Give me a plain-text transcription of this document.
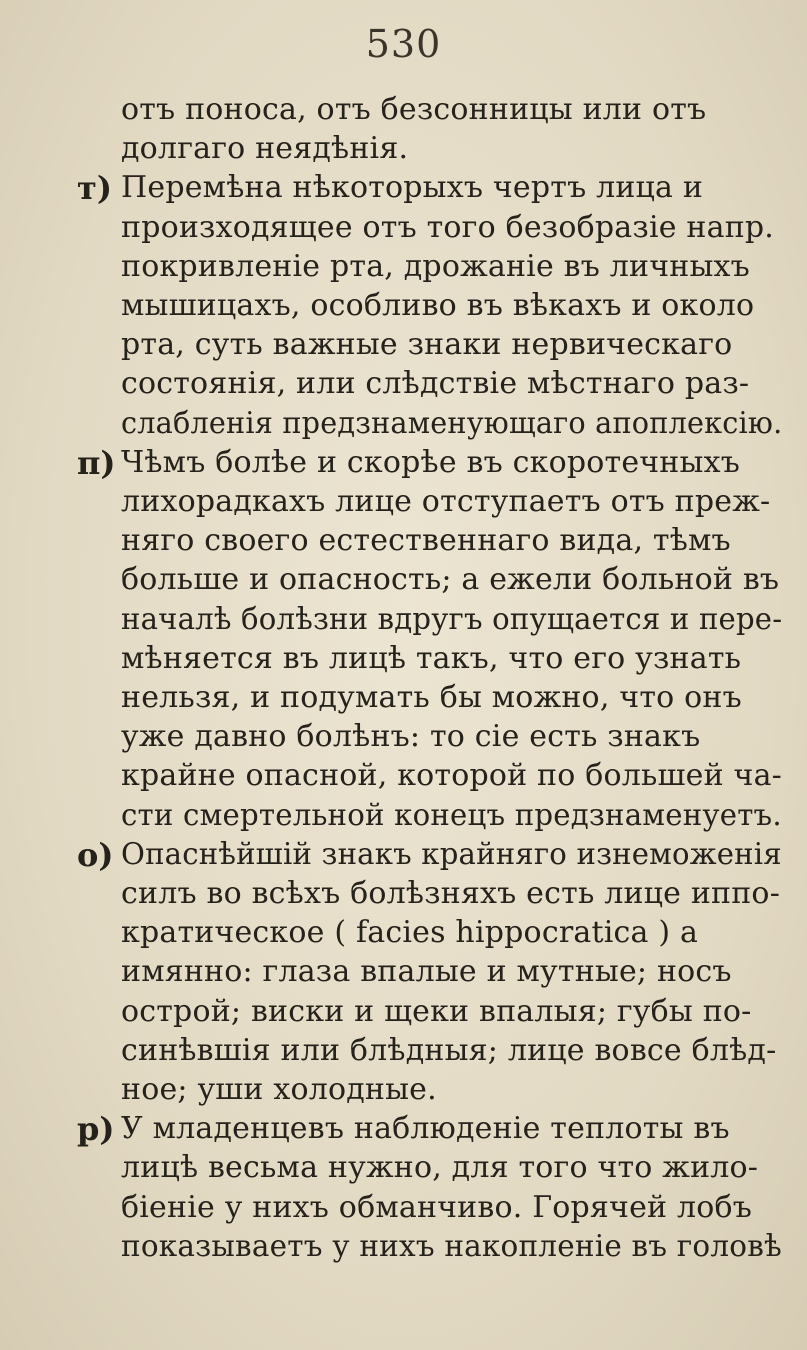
530
отъ поноса, отъ безсонницы или отъ
долгаго неядѣнія.
т) Перемѣна нѣкоторыхъ чертъ лица и
произходящее отъ того безобразіе напр.
покривленіе рта, дрожаніе въ личныхъ
мышицахъ, особливо въ вѣкахъ и около
рта, суть важные знаки нервическаго
состоянія, или слѣдствіе мѣстнаго раз-
слабленія предзнаменующаго апоплексію.
п) Чѣмъ болѣе и скорѣе въ скоротечныхъ
лихорадкахъ лице отступаетъ отъ преж-
няго своего естественнаго вида, тѣмъ
больше и опасность; а ежели больной въ
началѣ болѣзни вдругъ опущается и пере-
мѣняется въ лицѣ такъ, что его узнать
нельзя, и подумать бы можно, что онъ
уже давно болѣнъ: то сіе есть знакъ
крайне опасной, которой по большей ча-
сти смертельной конецъ предзнаменуетъ.
о) Опаснѣйшій знакъ крайняго изнеможенія
силъ во всѣхъ болѣзняхъ есть лице иппо-
кратическое ( facies hippocratica ) а
имянно: глаза впалые и мутные; носъ
острой; виски и щеки впалыя; губы по-
синѣвшія или блѣдныя; лице вовсе блѣд-
ное; уши холодные.
р) У младенцевъ наблюденіе теплоты въ
лицѣ весьма нужно, для того что жило-
біеніе у нихъ обманчиво. Горячей лобъ
показываетъ у нихъ накопленіе въ головѣ
